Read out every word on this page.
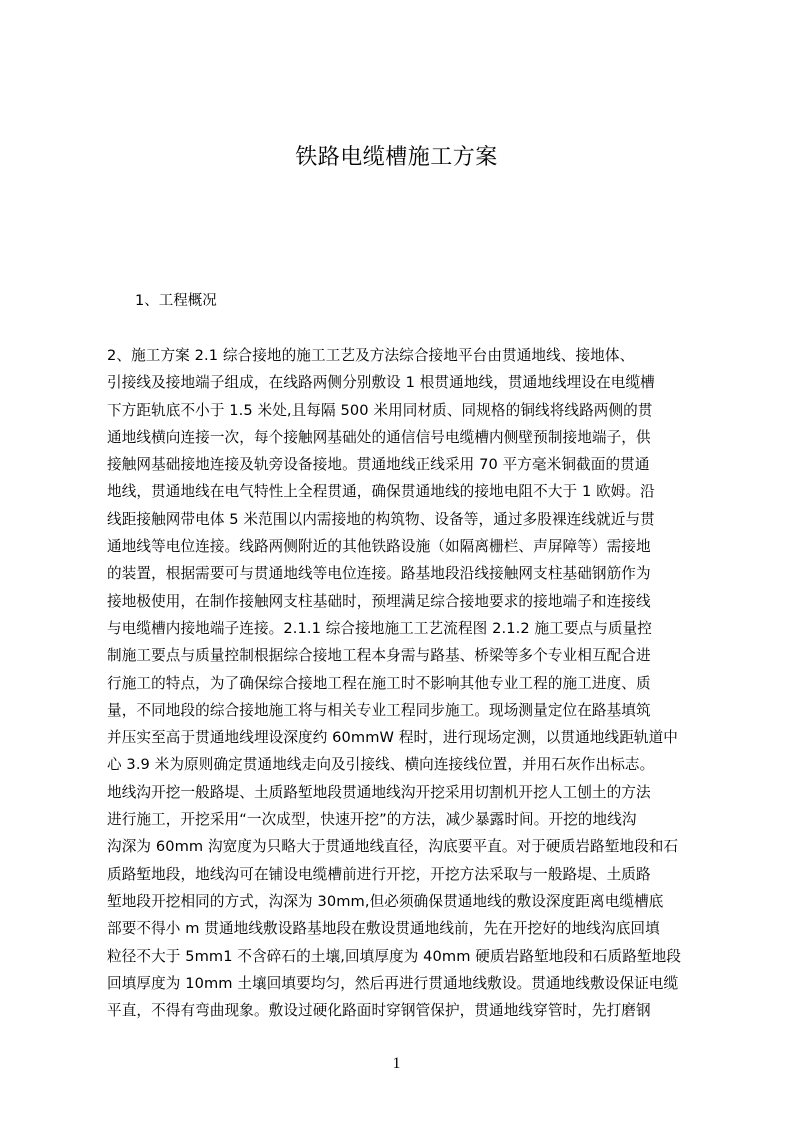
铁路电缆槽施工方案
1、工程概况
2、施工方案 2.1 综合接地的施工工艺及方法综合接地平台由贯通地线、接地体、
引接线及接地端子组成，在线路两侧分别敷设 1 根贯通地线，贯通地线埋设在电缆槽
下方距轨底不小于 1.5 米处,且每隔 500 米用同材质、同规格的铜线将线路两侧的贯
通地线横向连接一次，每个接触网基础处的通信信号电缆槽内侧壁预制接地端子，供
接触网基础接地连接及轨旁设备接地。贯通地线正线采用 70 平方毫米铜截面的贯通
地线，贯通地线在电气特性上全程贯通，确保贯通地线的接地电阻不大于 1 欧姆。沿
线距接触网带电体 5 米范围以内需接地的构筑物、设备等，通过多股裸连线就近与贯
通地线等电位连接。线路两侧附近的其他铁路设施（如隔离栅栏、声屏障等）需接地
的装置，根据需要可与贯通地线等电位连接。路基地段沿线接触网支柱基础钢筋作为
接地极使用，在制作接触网支柱基础时，预埋满足综合接地要求的接地端子和连接线
与电缆槽内接地端子连接。2.1.1 综合接地施工工艺流程图 2.1.2 施工要点与质量控
制施工要点与质量控制根据综合接地工程本身需与路基、桥梁等多个专业相互配合进
行施工的特点，为了确保综合接地工程在施工时不影响其他专业工程的施工进度、质
量，不同地段的综合接地施工将与相关专业工程同步施工。现场测量定位在路基填筑
并压实至高于贯通地线埋设深度约 60mmW 程时，进行现场定测，以贯通地线距轨道中
心 3.9 米为原则确定贯通地线走向及引接线、横向连接线位置，并用石灰作出标志。
地线沟开挖一般路堤、土质路堑地段贯通地线沟开挖采用切割机开挖人工刨土的方法
进行施工，开挖采用“一次成型，快速开挖”的方法，减少暴露时间。开挖的地线沟
沟深为 60mm 沟宽度为只略大于贯通地线直径，沟底要平直。对于硬质岩路堑地段和石
质路堑地段，地线沟可在铺设电缆槽前进行开挖，开挖方法采取与一般路堤、土质路
堑地段开挖相同的方式，沟深为 30mm,但必须确保贯通地线的敷设深度距离电缆槽底
部要不得小 m 贯通地线敷设路基地段在敷设贯通地线前，先在开挖好的地线沟底回填
粒径不大于 5mm1 不含碎石的土壤,回填厚度为 40mm 硬质岩路堑地段和石质路堑地段
回填厚度为 10mm 土壤回填要均匀，然后再进行贯通地线敷设。贯通地线敷设保证电缆
平直，不得有弯曲现象。敷设过硬化路面时穿钢管保护，贯通地线穿管时，先打磨钢
1
